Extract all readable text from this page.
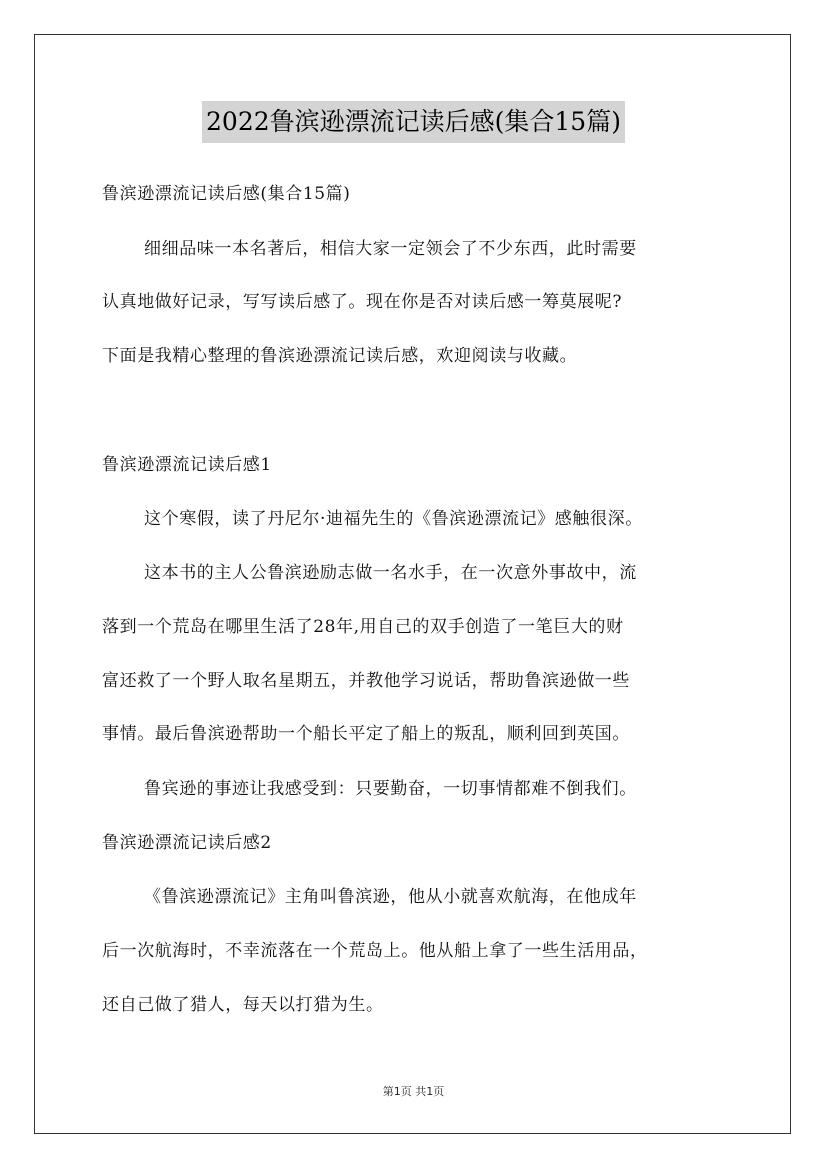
2022鲁滨逊漂流记读后感(集合15篇)
鲁滨逊漂流记读后感(集合15篇)
细细品味一本名著后，相信大家一定领会了不少东西，此时需要
认真地做好记录，写写读后感了。现在你是否对读后感一筹莫展呢?
下面是我精心整理的鲁滨逊漂流记读后感，欢迎阅读与收藏。
鲁滨逊漂流记读后感1
这个寒假，读了丹尼尔·迪福先生的《鲁滨逊漂流记》感触很深。
这本书的主人公鲁滨逊励志做一名水手，在一次意外事故中，流
落到一个荒岛在哪里生活了28年,用自己的双手创造了一笔巨大的财
富还救了一个野人取名星期五，并教他学习说话，帮助鲁滨逊做一些
事情。最后鲁滨逊帮助一个船长平定了船上的叛乱，顺利回到英国。
鲁宾逊的事迹让我感受到：只要勤奋，一切事情都难不倒我们。
鲁滨逊漂流记读后感2
《鲁滨逊漂流记》主角叫鲁滨逊，他从小就喜欢航海，在他成年
后一次航海时，不幸流落在一个荒岛上。他从船上拿了一些生活用品，
还自己做了猎人，每天以打猎为生。
第1页 共1页
